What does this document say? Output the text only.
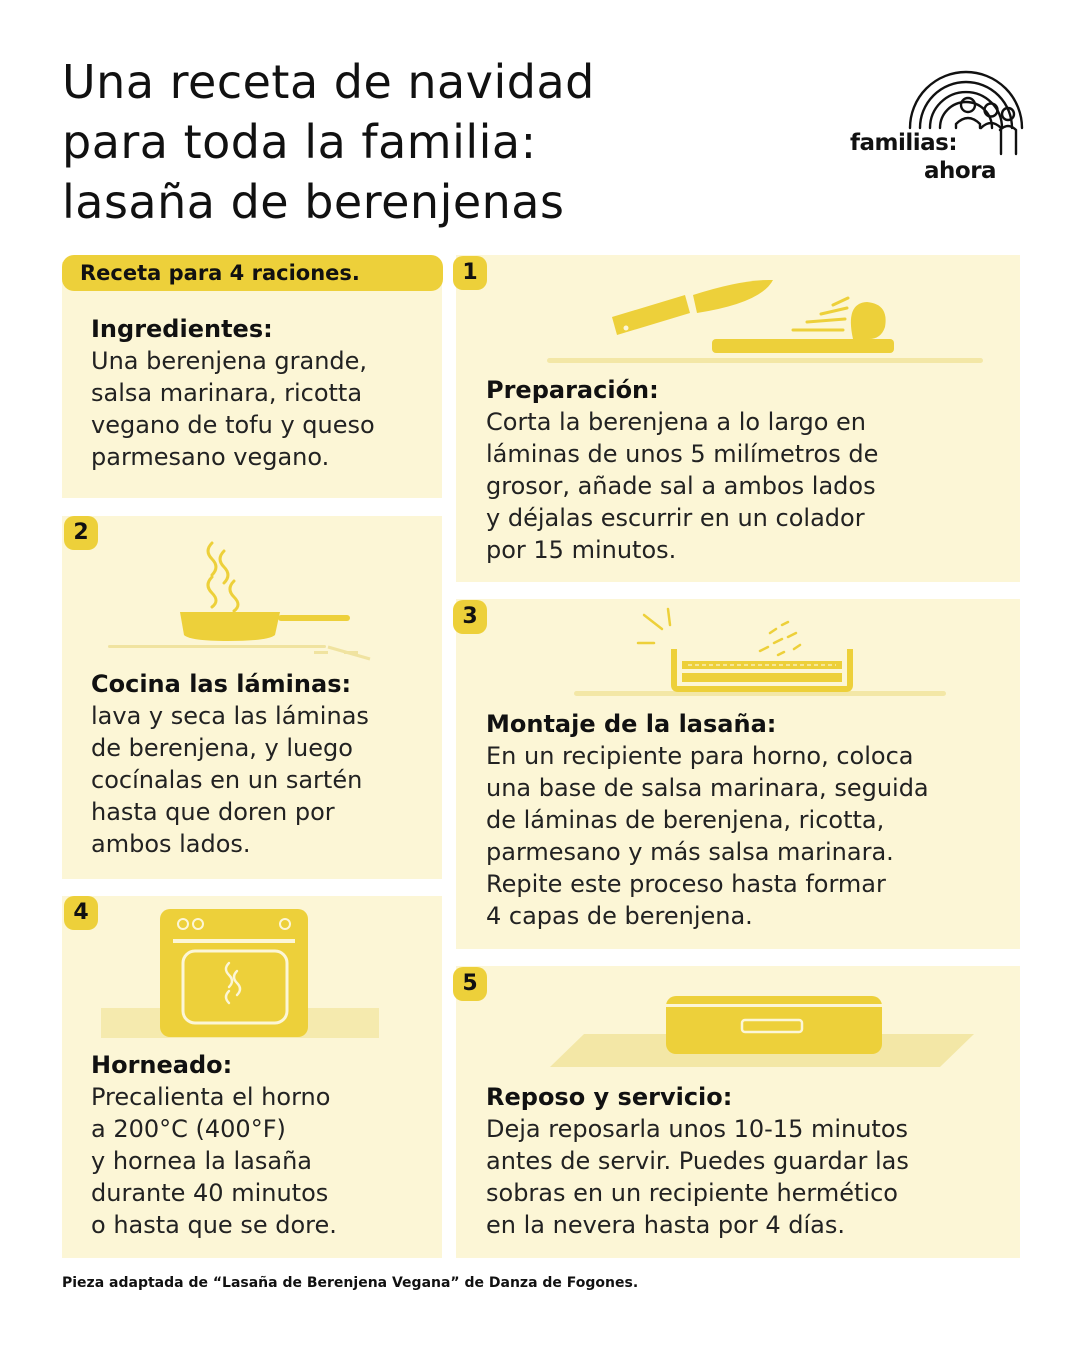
Una receta de navidad
para toda la familia:
lasaña de berenjenas
familias:
ahora
Receta para 4 raciones.
Ingredientes:

Una berenjena grande,
salsa marinara, ricotta
vegano de tofu y queso
parmesano vegano.

1
Preparación:

Corta la berenjena a lo largo en
láminas de unos 5 milímetros de
grosor, añade sal a ambos lados
y déjalas escurrir en un colador
por 15 minutos.

2
Cocina las láminas:

lava y seca las láminas
de berenjena, y luego
cocínalas en un sartén
hasta que doren por
ambos lados.

3
Montaje de la lasaña:

En un recipiente para horno, coloca
una base de salsa marinara, seguida
de láminas de berenjena, ricotta,
parmesano y más salsa marinara.
Repite este proceso hasta formar
4 capas de berenjena.

4
Horneado:

Precalienta el horno
a 200°C (400°F)
y hornea la lasaña
durante 40 minutos
o hasta que se dore.

5
Reposo y servicio:

Deja reposarla unos 10-15 minutos
antes de servir. Puedes guardar las
sobras en un recipiente hermético
en la nevera hasta por 4 días.

Pieza adaptada de “Lasaña de Berenjena Vegana” de Danza de Fogones.
